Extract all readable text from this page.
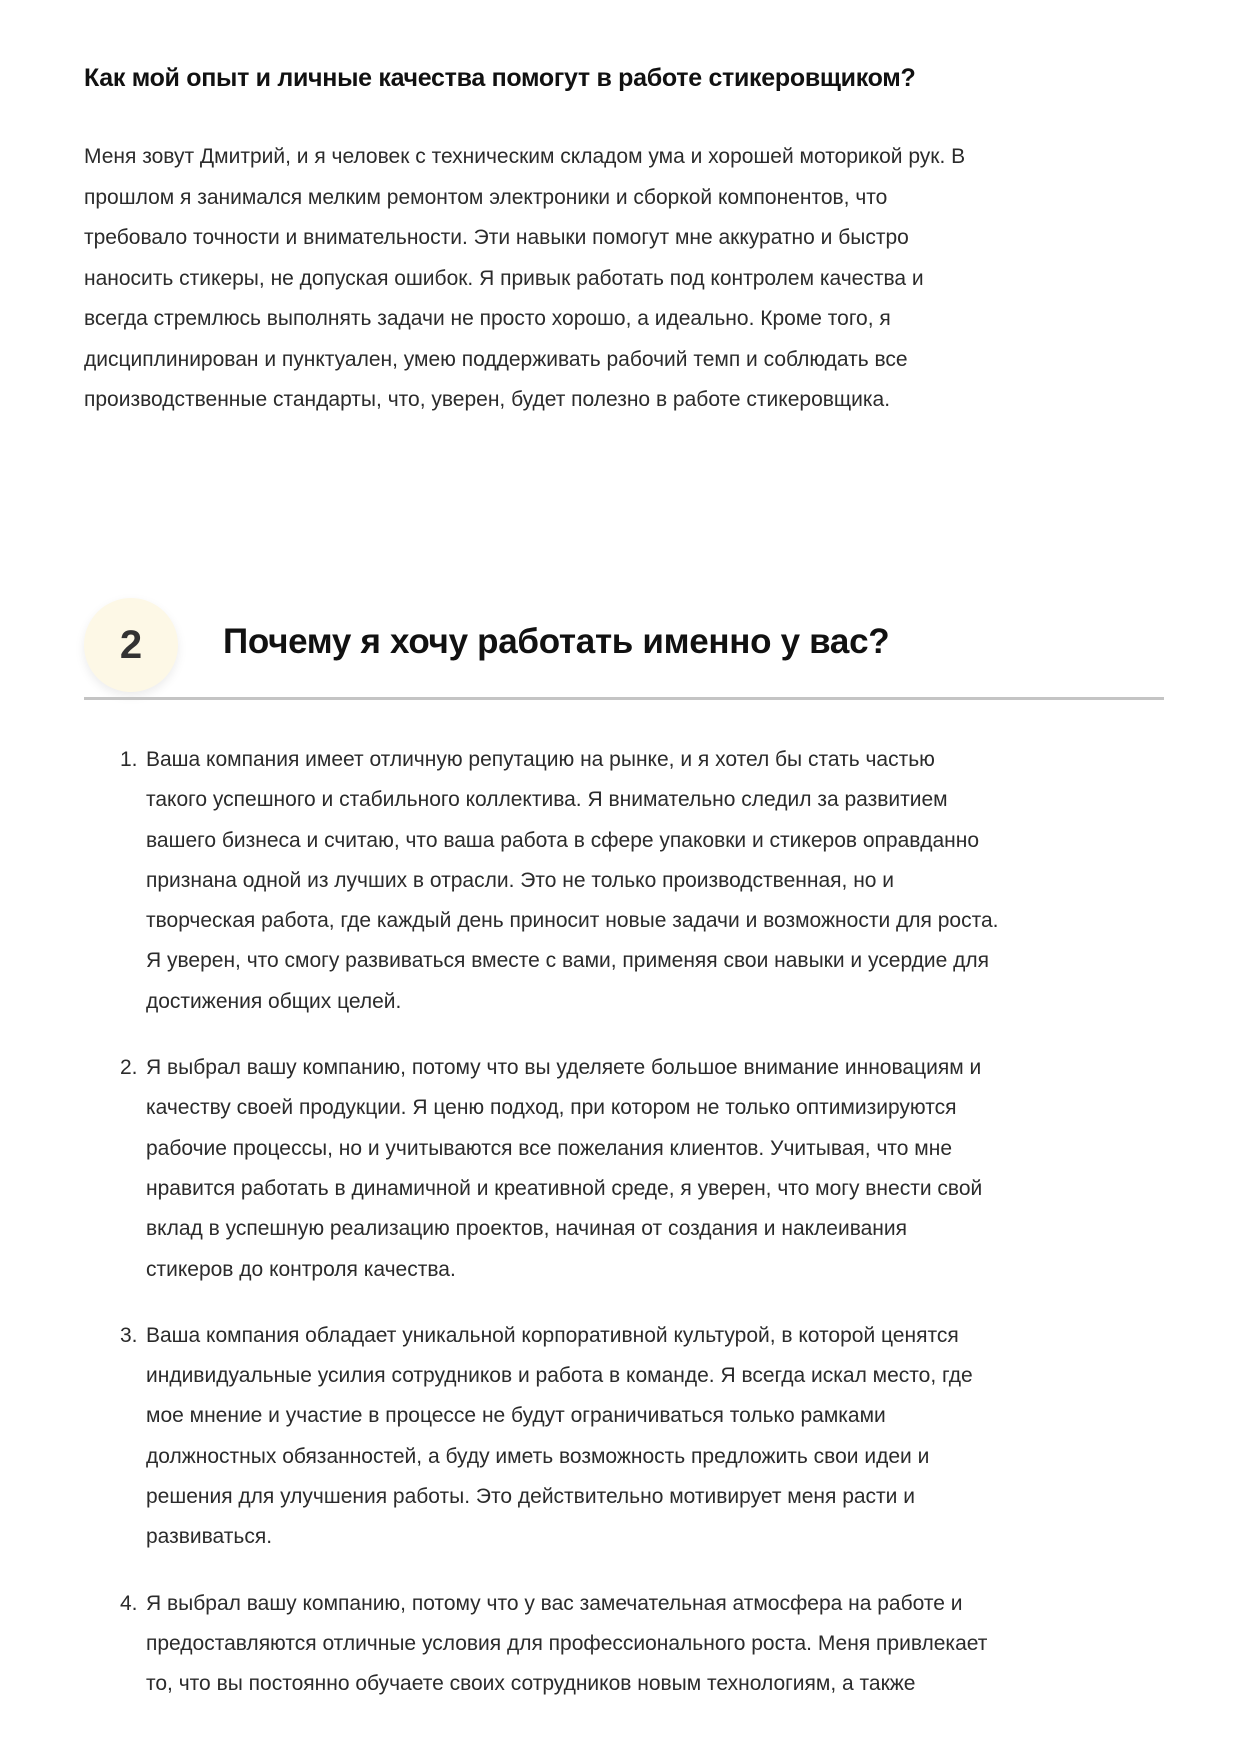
Как мой опыт и личные качества помогут в работе стикеровщиком?
Меня зовут Дмитрий, и я человек с техническим складом ума и хорошей моторикой рук. В
прошлом я занимался мелким ремонтом электроники и сборкой компонентов, что
требовало точности и внимательности. Эти навыки помогут мне аккуратно и быстро
наносить стикеры, не допуская ошибок. Я привык работать под контролем качества и
всегда стремлюсь выполнять задачи не просто хорошо, а идеально. Кроме того, я
дисциплинирован и пунктуален, умею поддерживать рабочий темп и соблюдать все
производственные стандарты, что, уверен, будет полезно в работе стикеровщика.
2	Почему я хочу работать именно у вас?
1. Ваша компания имеет отличную репутацию на рынке, и я хотел бы стать частью
такого успешного и стабильного коллектива. Я внимательно следил за развитием
вашего бизнеса и считаю, что ваша работа в сфере упаковки и стикеров оправданно
признана одной из лучших в отрасли. Это не только производственная, но и
творческая работа, где каждый день приносит новые задачи и возможности для роста.
Я уверен, что смогу развиваться вместе с вами, применяя свои навыки и усердие для
достижения общих целей.
2. Я выбрал вашу компанию, потому что вы уделяете большое внимание инновациям и
качеству своей продукции. Я ценю подход, при котором не только оптимизируются
рабочие процессы, но и учитываются все пожелания клиентов. Учитывая, что мне
нравится работать в динамичной и креативной среде, я уверен, что могу внести свой
вклад в успешную реализацию проектов, начиная от создания и наклеивания
стикеров до контроля качества.
3. Ваша компания обладает уникальной корпоративной культурой, в которой ценятся
индивидуальные усилия сотрудников и работа в команде. Я всегда искал место, где
мое мнение и участие в процессе не будут ограничиваться только рамками
должностных обязанностей, а буду иметь возможность предложить свои идеи и
решения для улучшения работы. Это действительно мотивирует меня расти и
развиваться.
4. Я выбрал вашу компанию, потому что у вас замечательная атмосфера на работе и
предоставляются отличные условия для профессионального роста. Меня привлекает
то, что вы постоянно обучаете своих сотрудников новым технологиям, а также
